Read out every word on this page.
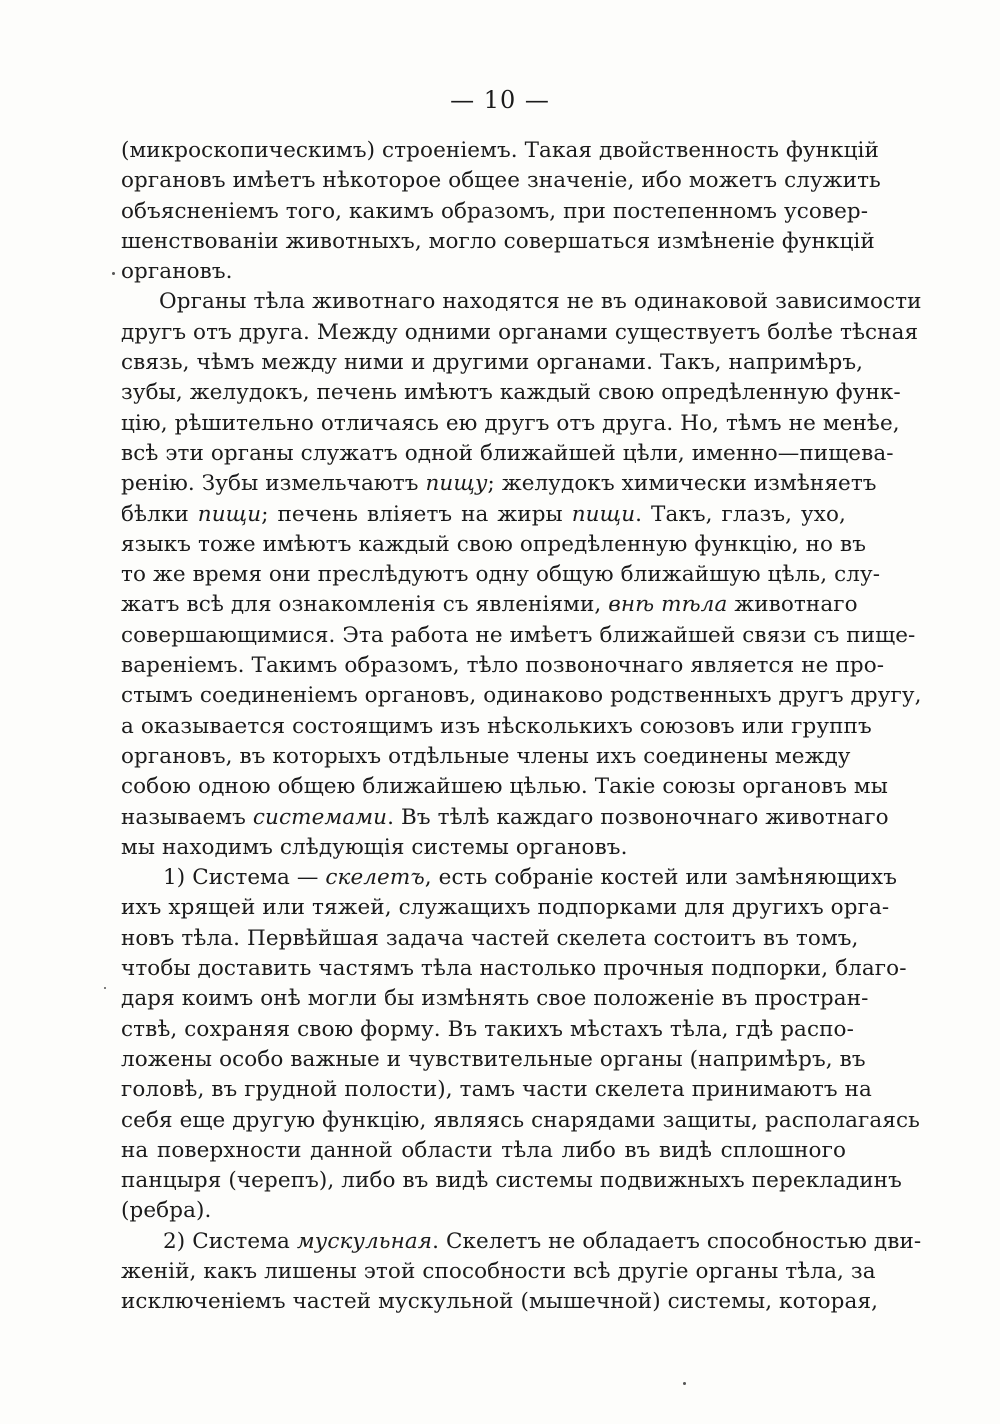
— 10 —
(микроскопическимъ) строеніемъ. Такая двойственность функцій
органовъ имѣетъ нѣкоторое общее значеніе, ибо можетъ служить
объясненіемъ того, какимъ образомъ, при постепенномъ усовер-
шенствованіи животныхъ, могло совершаться измѣненіе функцій
органовъ.
Органы тѣла животнаго находятся не въ одинаковой зависимости
другъ отъ друга. Между одними органами существуетъ болѣе тѣсная
связь, чѣмъ между ними и другими органами. Такъ, напримѣръ,
зубы, желудокъ, печень имѣютъ каждый свою опредѣленную функ-
цію, рѣшительно отличаясь ею другъ отъ друга. Но, тѣмъ не менѣе,
всѣ эти органы служатъ одной ближайшей цѣли, именно—пищева-
ренію. Зубы измельчаютъ пищу; желудокъ химически измѣняетъ
бѣлки пищи; печень вліяетъ на жиры пищи. Такъ, глазъ, ухо,
языкъ тоже имѣютъ каждый свою опредѣленную функцію, но въ
то же время они преслѣдуютъ одну общую ближайшую цѣль, слу-
жатъ всѣ для ознакомленія съ явленіями, внѣ тѣла животнаго
совершающимися. Эта работа не имѣетъ ближайшей связи съ пище-
вареніемъ. Такимъ образомъ, тѣло позвоночнаго является не про-
стымъ соединеніемъ органовъ, одинаково родственныхъ другъ другу,
а оказывается состоящимъ изъ нѣсколькихъ союзовъ или группъ
органовъ, въ которыхъ отдѣльные члены ихъ соединены между
собою одною общею ближайшею цѣлью. Такіе союзы органовъ мы
называемъ системами. Въ тѣлѣ каждаго позвоночнаго животнаго
мы находимъ слѣдующія системы органовъ.
1) Система — скелетъ, есть собраніе костей или замѣняющихъ
ихъ хрящей или тяжей, служащихъ подпорками для другихъ орга-
новъ тѣла. Первѣйшая задача частей скелета состоитъ въ томъ,
чтобы доставить частямъ тѣла настолько прочныя подпорки, благо-
даря коимъ онѣ могли бы измѣнять свое положеніе въ простран-
ствѣ, сохраняя свою форму. Въ такихъ мѣстахъ тѣла, гдѣ распо-
ложены особо важные и чувствительные органы (напримѣръ, въ
головѣ, въ грудной полости), тамъ части скелета принимаютъ на
себя еще другую функцію, являясь снарядами защиты, располагаясь
на поверхности данной области тѣла либо въ видѣ сплошного
панцыря (черепъ), либо въ видѣ системы подвижныхъ перекладинъ
(ребра).
2) Система мускульная. Скелетъ не обладаетъ способностью дви-
женій, какъ лишены этой способности всѣ другіе органы тѣла, за
исключеніемъ частей мускульной (мышечной) системы, которая,
